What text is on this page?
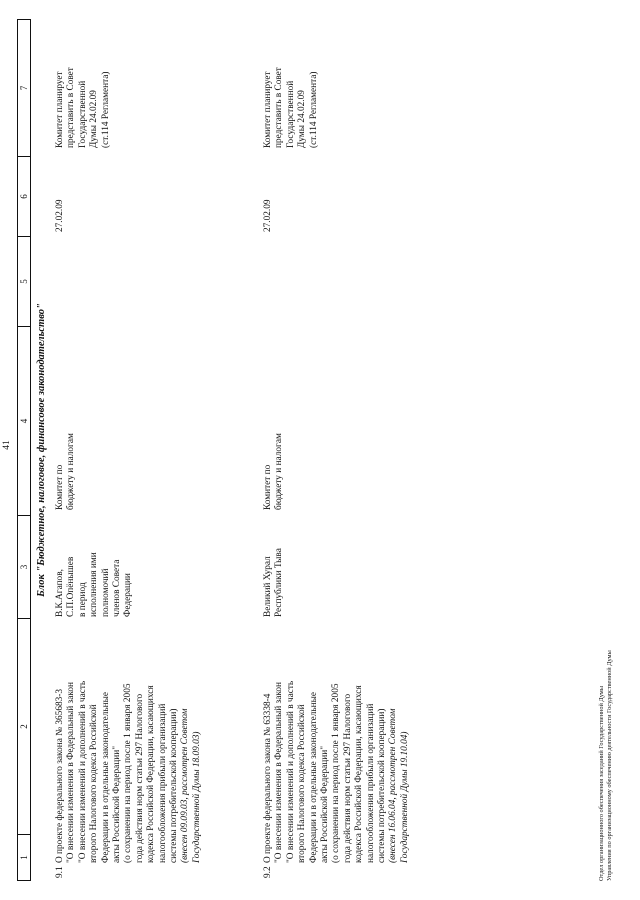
41
1
2
3
4
5
6
7
Блок "Бюджетное, налоговое, финансовое законодательство"
9.1
О проекте федерального закона № 365683-3 "О внесении изменения в Федеральный закон "О внесении изменений и дополнений в часть второго Налогового кодекса Российской Федерации и в отдельные законодательные акты Российской Федерации" (о сохранении на период после 1 января 2005 года действия норм статьи 297 Налогового кодекса Российской Федерации, касающихся налогообложения прибыли организаций системы потребительской кооперации) (внесен 09.09.03, рассмотрен Советом Государственной Думы 18.09.03)
В.К.Агапов, С.П.Опёнышев в период исполнения ими полномочий членов Совета Федерации
Комитет по бюджету и налогам
27.02.09
Комитет планирует представить в Совет Государственной Думы 24.02.09 (ст.114 Регламента)
9.2
О проекте федерального закона № 63338-4 "О внесении изменения в Федеральный закон "О внесении изменений и дополнений в часть второго Налогового кодекса Российской Федерации и в отдельные законодательные акты Российской Федерации" (о сохранении на период после 1 января 2005 года действия норм статьи 297 Налогового кодекса Российской Федерации, касающихся налогообложения прибыли организаций системы потребительской кооперации) (внесен 16.06.04, рассмотрен Советом Государственной Думы 19.10.04)
Великий Хурал Республики Тыва
Комитет по бюджету и налогам
27.02.09
Комитет планирует представить в Совет Государственной Думы 24.02.09 (ст.114 Регламента)
Отдел организационного обеспечения заседаний Государственной Думы Управления по организационному обеспечению деятельности Государственной Думы
